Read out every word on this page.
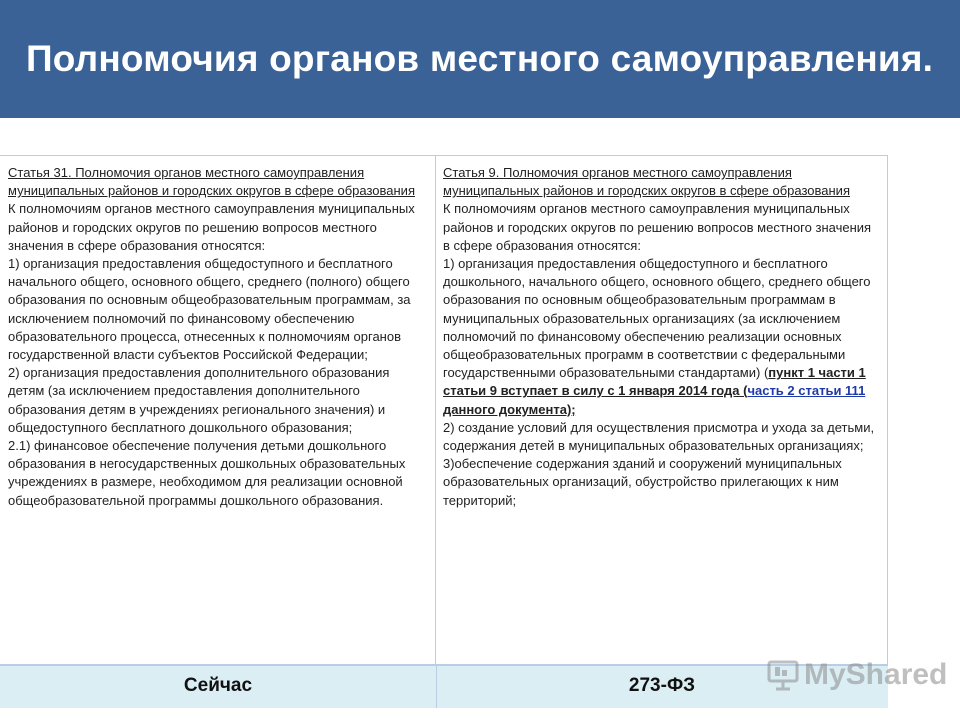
Полномочия органов местного самоуправления.

Статья 31. Полномочия органов местного самоуправления муниципальных районов и городских округов в сфере образования

К полномочиям органов местного самоуправления муниципальных районов и городских округов по решению вопросов местного значения в сфере образования относятся:

1) организация предоставления общедоступного и бесплатного начального общего, основного общего, среднего (полного) общего образования по основным общеобразовательным программам, за исключением полномочий по финансовому обеспечению образовательного процесса, отнесенных к полномочиям органов государственной власти субъектов Российской Федерации;

2) организация предоставления дополнительного образования детям (за исключением предоставления дополнительного образования детям в учреждениях регионального значения) и общедоступного бесплатного дошкольного образования;

2.1) финансовое обеспечение получения детьми дошкольного образования в негосударственных дошкольных образовательных учреждениях в размере, необходимом для реализации основной общеобразовательной программы дошкольного образования.

Статья 9. Полномочия органов местного самоуправления муниципальных районов и городских округов в сфере образования

К полномочиям органов местного самоуправления муниципальных районов и городских округов по решению вопросов местного значения в сфере образования относятся:

1) организация предоставления общедоступного и бесплатного дошкольного, начального общего, основного общего, среднего общего образования по основным общеобразовательным программам в муниципальных образовательных организациях (за исключением полномочий по финансовому обеспечению реализации основных общеобразовательных программ в соответствии с федеральными государственными образовательными стандартами) (пункт 1 части 1 статьи 9 вступает в силу с 1 января 2014 года (часть 2 статьи 111 данного документа);

2) создание условий для осуществления присмотра и ухода за детьми, содержания детей в муниципальных образовательных организациях;

3)обеспечение содержания зданий и сооружений муниципальных образовательных организаций, обустройство прилегающих к ним территорий;

Сейчас	273-ФЗ	MyShared
